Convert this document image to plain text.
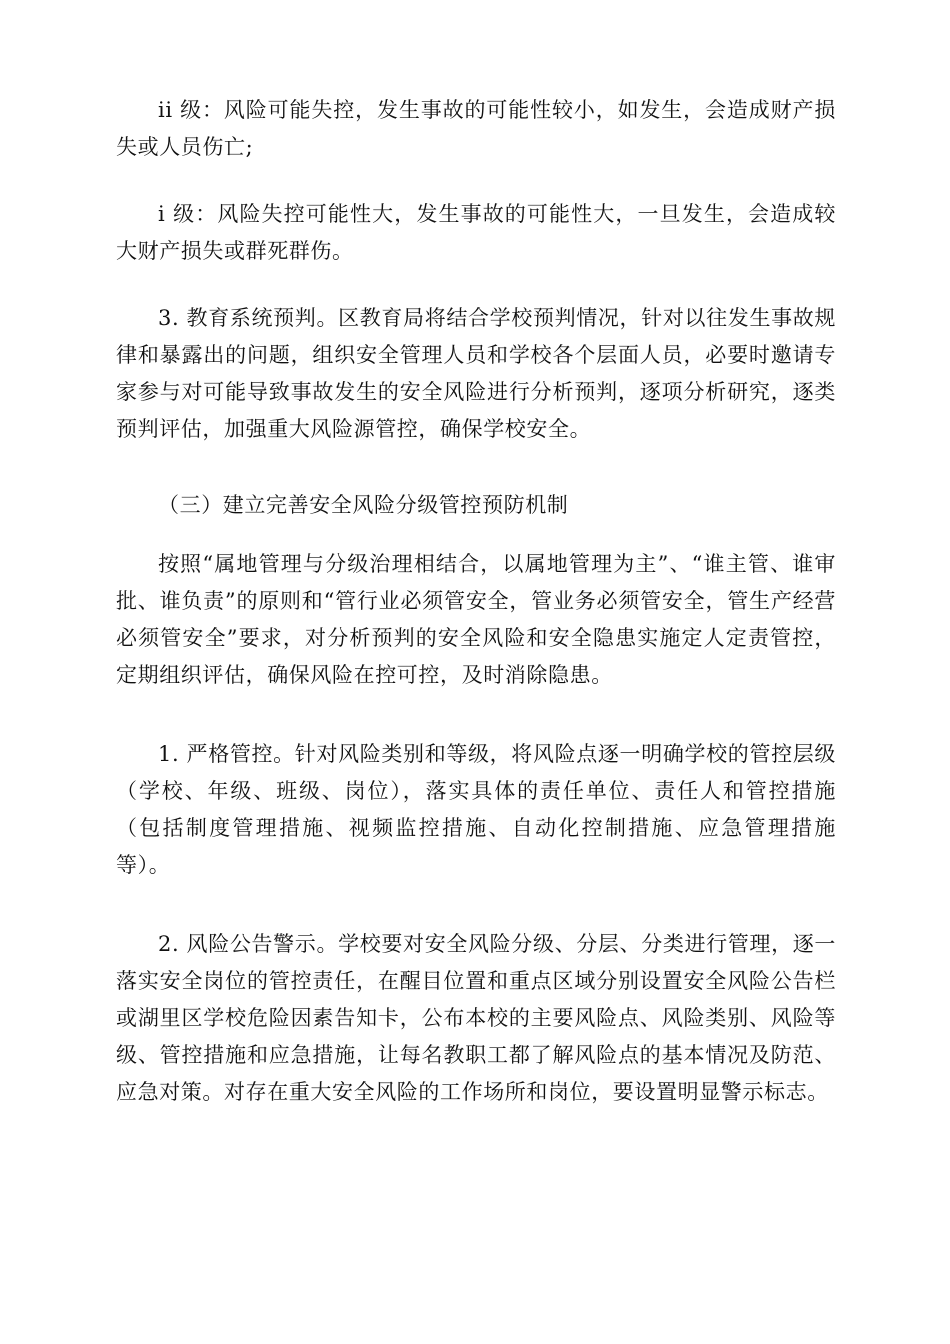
ii 级：风险可能失控，发生事故的可能性较小，如发生，会造成财产损失或人员伤亡;

i 级：风险失控可能性大，发生事故的可能性大，一旦发生，会造成较大财产损失或群死群伤。

3. 教育系统预判。区教育局将结合学校预判情况，针对以往发生事故规律和暴露出的问题，组织安全管理人员和学校各个层面人员，必要时邀请专家参与对可能导致事故发生的安全风险进行分析预判，逐项分析研究，逐类预判评估，加强重大风险源管控，确保学校安全。

（三）建立完善安全风险分级管控预防机制

按照“属地管理与分级治理相结合，以属地管理为主”、“谁主管、谁审批、谁负责”的原则和“管行业必须管安全，管业务必须管安全，管生产经营必须管安全”要求，对分析预判的安全风险和安全隐患实施定人定责管控，定期组织评估，确保风险在控可控，及时消除隐患。

1. 严格管控。针对风险类别和等级，将风险点逐一明确学校的管控层级（学校、年级、班级、岗位），落实具体的责任单位、责任人和管控措施（包括制度管理措施、视频监控措施、自动化控制措施、应急管理措施等）。

2. 风险公告警示。学校要对安全风险分级、分层、分类进行管理，逐一落实安全岗位的管控责任，在醒目位置和重点区域分别设置安全风险公告栏或湖里区学校危险因素告知卡，公布本校的主要风险点、风险类别、风险等级、管控措施和应急措施，让每名教职工都了解风险点的基本情况及防范、应急对策。对存在重大安全风险的工作场所和岗位，要设置明显警示标志。
